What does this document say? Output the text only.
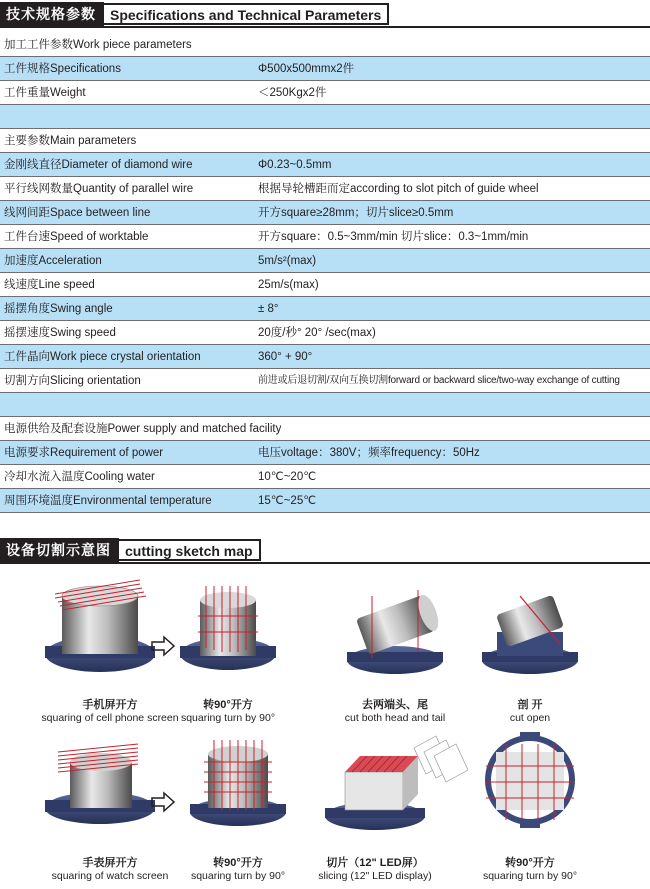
技术规格参数	Specifications and Technical Parameters
加工工件参数Work piece parameters
工件规格Specifications	Φ500x500mmx2件
工件重量Weight	＜250Kgx2件
主要参数Main parameters
金刚线直径Diameter of diamond wire	Φ0.23~0.5mm
平行线网数量Quantity of parallel wire	根据导轮槽距而定according to slot pitch of guide wheel
线网间距Space between line	开方square≥28mm；切片slice≥0.5mm
工件台速Speed of worktable	开方square：0.5~3mm/min 切片slice：0.3~1mm/min
加速度Acceleration	5m/s²(max)
线速度Line speed	25m/s(max)
摇摆角度Swing angle	± 8°
摇摆速度Swing speed	20度/秒° 20° /sec(max)
工件晶向Work piece crystal orientation	360° + 90°
切割方向Slicing orientation	前进或后退切割/双向互换切割forward or backward slice/two-way exchange of cutting
电源供给及配套设施Power supply and matched facility
电源要求Requirement of power	电压voltage：380V；频率frequency：50Hz
冷却水流入温度Cooling water	10℃~20℃
周围环境温度Environmental temperature	15℃~25℃
设备切割示意图	cutting sketch map
手机屏开方
squaring of cell phone screen
转90°开方
squaring turn by 90°
去两端头、尾
cut both head and tail
剖 开
cut open
手表屏开方
squaring of watch screen
转90°开方
squaring turn by 90°
切片（12" LED屏）
slicing (12" LED display)
转90°开方
squaring turn by 90°
